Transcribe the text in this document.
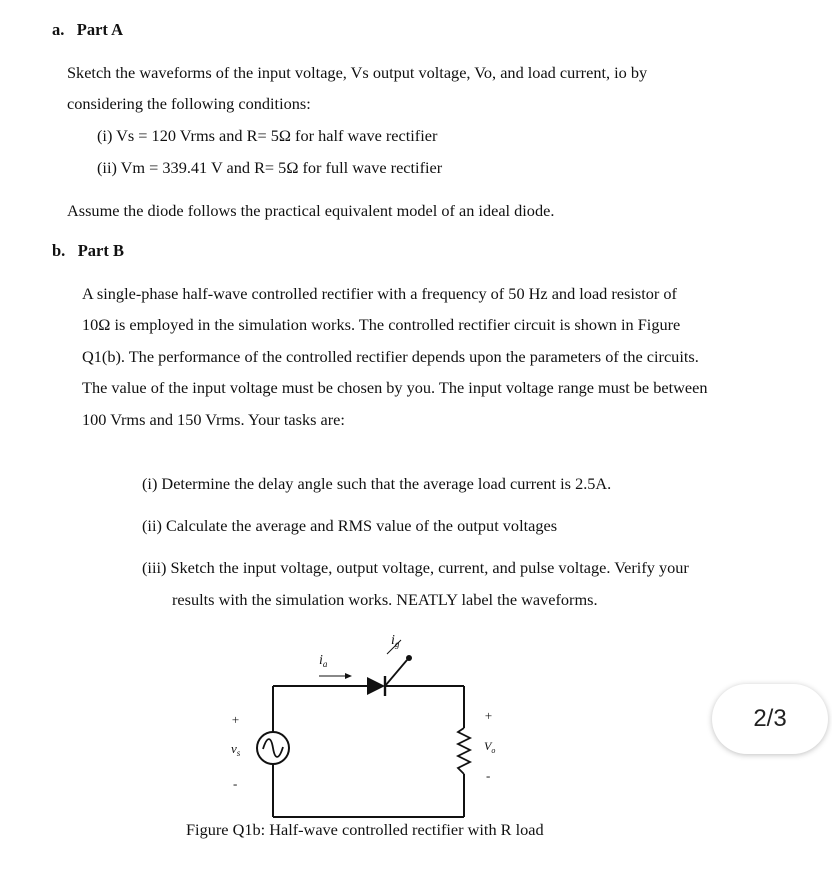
a. Part A
Sketch the waveforms of the input voltage, Vs output voltage, Vo, and load current, io by
considering the following conditions:
(i) Vs = 120 Vrms and R= 5Ω for half wave rectifier
(ii) Vm = 339.41 V and R= 5Ω for full wave rectifier
Assume the diode follows the practical equivalent model of an ideal diode.
b. Part B
A single-phase half-wave controlled rectifier with a frequency of 50 Hz and load resistor of
10Ω is employed in the simulation works. The controlled rectifier circuit is shown in Figure
Q1(b). The performance of the controlled rectifier depends upon the parameters of the circuits.
The value of the input voltage must be chosen by you. The input voltage range must be between
100 Vrms and 150 Vrms. Your tasks are:
(i) Determine the delay angle such that the average load current is 2.5A.
(ii) Calculate the average and RMS value of the output voltages
(iii) Sketch the input voltage, output voltage, current, and pulse voltage. Verify your
results with the simulation works. NEATLY label the waveforms.
$i_a$
$i_g$
+
$v_s$
-
+
$V_o$
-
Figure Q1b: Half-wave controlled rectifier with R load
2/3
